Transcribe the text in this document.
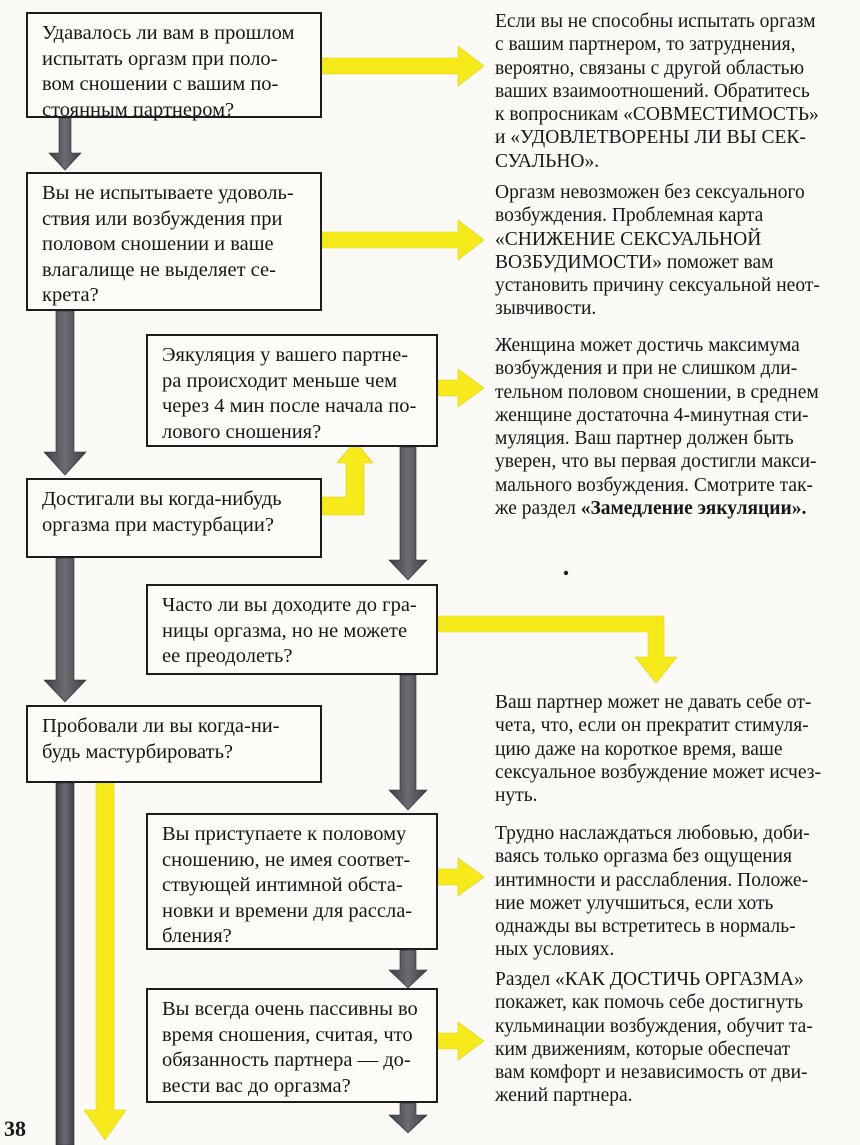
Удавалось ли вам в прошлом
испытать оргазм при поло-
вом сношении с вашим по-
стоянным партнером?
Вы не испытываете удоволь-
ствия или возбуждения при
половом сношении и ваше
влагалище не выделяет се-
крета?
Эякуляция у вашего партне-
ра происходит меньше чем
через 4 мин после начала по-
лового сношения?
Достигали вы когда-нибудь
оргазма при мастурбации?
Часто ли вы доходите до гра-
ницы оргазма, но не можете
ее преодолеть?
Пробовали ли вы когда-ни-
будь мастурбировать?
Вы приступаете к половому
сношению, не имея соответ-
ствующей интимной обста-
новки и времени для рассла-
бления?
Вы всегда очень пассивны во
время сношения, считая, что
обязанность партнера — до-
вести вас до оргазма?
Если вы не способны испытать оргазм
с вашим партнером, то затруднения,
вероятно, связаны с другой областью
ваших взаимоотношений. Обратитесь
к вопросникам «СОВМЕСТИМОСТЬ»
и «УДОВЛЕТВОРЕНЫ ЛИ ВЫ СЕК-
СУАЛЬНО».
Оргазм невозможен без сексуального
возбуждения. Проблемная карта
«СНИЖЕНИЕ СЕКСУАЛЬНОЙ
ВОЗБУДИМОСТИ» поможет вам
установить причину сексуальной неот-
зывчивости.
Женщина может достичь максимума
возбуждения и при не слишком дли-
тельном половом сношении, в среднем
женщине достаточна 4-минутная сти-
муляция. Ваш партнер должен быть
уверен, что вы первая достигли макси-
мального возбуждения. Смотрите так-
же раздел «Замедление эякуляции».
Ваш партнер может не давать себе от-
чета, что, если он прекратит стимуля-
цию даже на короткое время, ваше
сексуальное возбуждение может исчез-
нуть.
Трудно наслаждаться любовью, доби-
ваясь только оргазма без ощущения
интимности и расслабления. Положе-
ние может улучшиться, если хоть
однажды вы встретитесь в нормаль-
ных условиях.
Раздел «КАК ДОСТИЧЬ ОРГАЗМА»
покажет, как помочь себе достигнуть
кульминации возбуждения, обучит та-
ким движениям, которые обеспечат
вам комфорт и независимость от дви-
жений партнера.
38
